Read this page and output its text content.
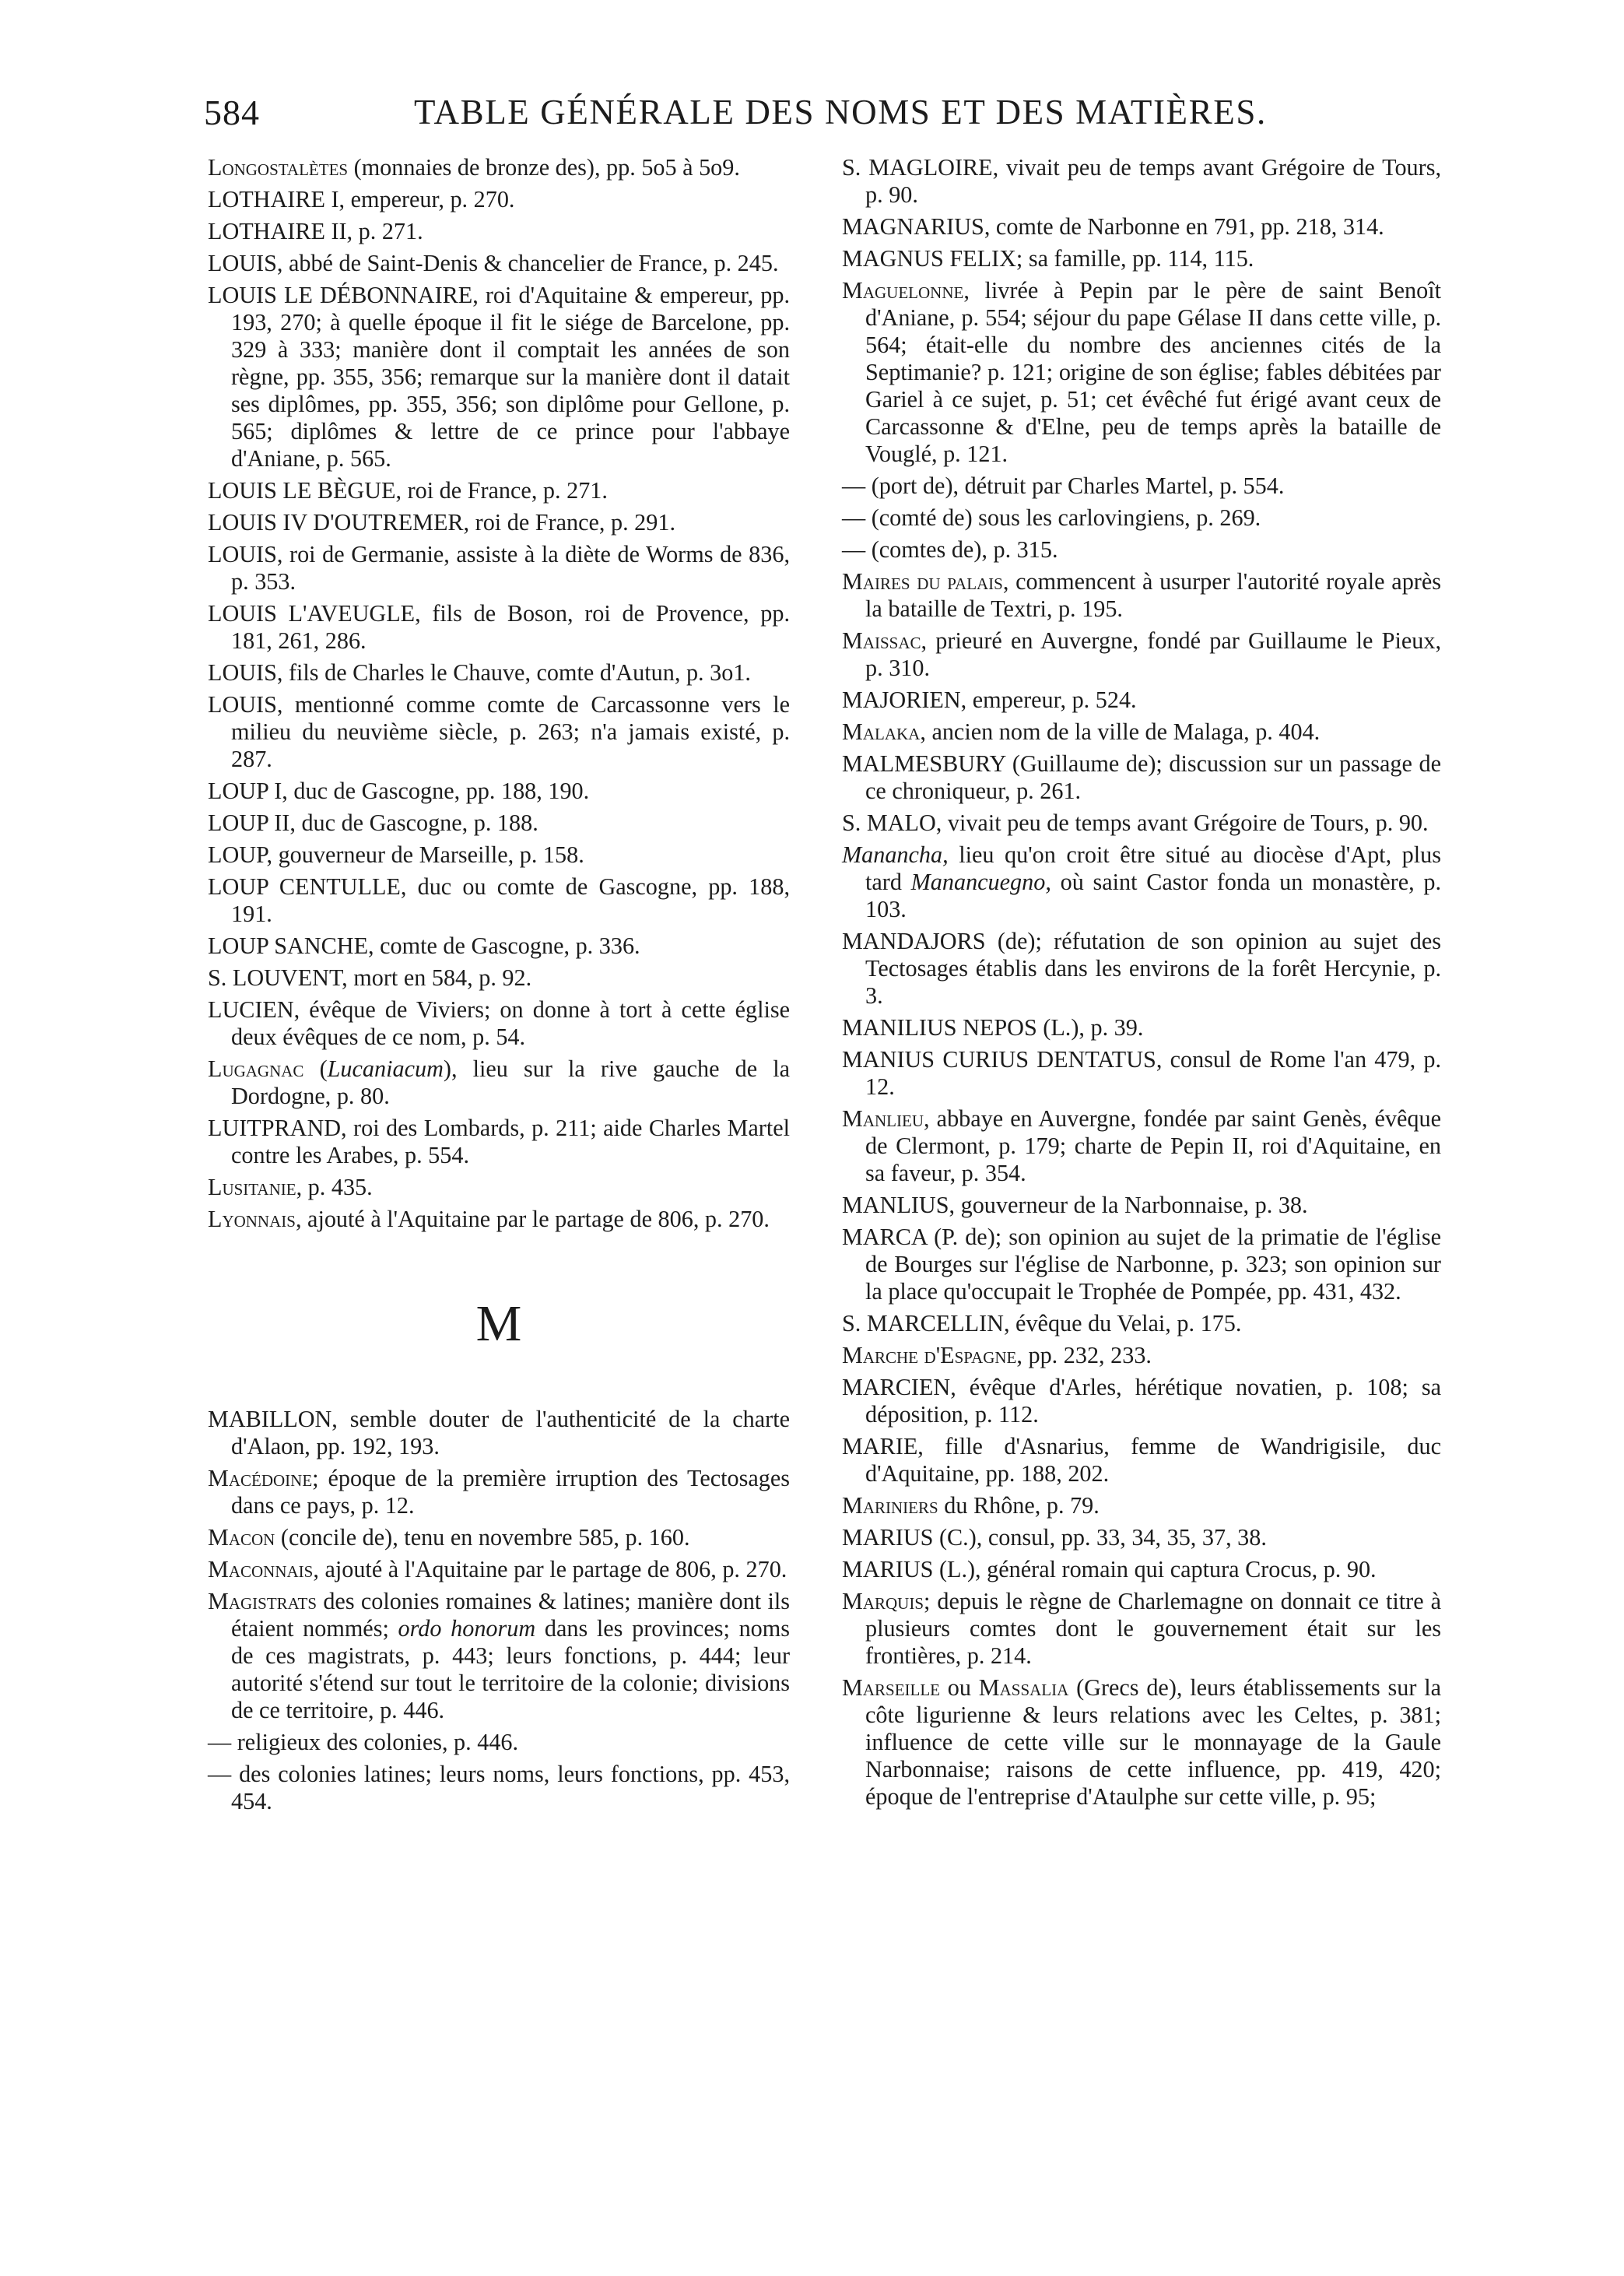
584	TABLE GÉNÉRALE DES NOMS ET DES MATIÈRES.

Longostalètes (monnaies de bronze des), pp. 5o5 à 5o9.

LOTHAIRE I, empereur, p. 270.

LOTHAIRE II, p. 271.

LOUIS, abbé de Saint-Denis & chancelier de France, p. 245.

LOUIS LE DÉBONNAIRE, roi d'Aquitaine & empereur, pp. 193, 270; à quelle époque il fit le siége de Barcelone, pp. 329 à 333; manière dont il comptait les années de son règne, pp. 355, 356; remarque sur la manière dont il datait ses diplômes, pp. 355, 356; son diplôme pour Gellone, p. 565; diplômes & lettre de ce prince pour l'abbaye d'Aniane, p. 565.

LOUIS LE BÈGUE, roi de France, p. 271.

LOUIS IV D'OUTREMER, roi de France, p. 291.

LOUIS, roi de Germanie, assiste à la diète de Worms de 836, p. 353.

LOUIS L'AVEUGLE, fils de Boson, roi de Provence, pp. 181, 261, 286.

LOUIS, fils de Charles le Chauve, comte d'Autun, p. 3o1.

LOUIS, mentionné comme comte de Carcassonne vers le milieu du neuvième siècle, p. 263; n'a jamais existé, p. 287.

LOUP I, duc de Gascogne, pp. 188, 190.

LOUP II, duc de Gascogne, p. 188.

LOUP, gouverneur de Marseille, p. 158.

LOUP CENTULLE, duc ou comte de Gascogne, pp. 188, 191.

LOUP SANCHE, comte de Gascogne, p. 336.

S. LOUVENT, mort en 584, p. 92.

LUCIEN, évêque de Viviers; on donne à tort à cette église deux évêques de ce nom, p. 54.

Lugagnac (Lucaniacum), lieu sur la rive gauche de la Dordogne, p. 80.

LUITPRAND, roi des Lombards, p. 211; aide Charles Martel contre les Arabes, p. 554.

Lusitanie, p. 435.

Lyonnais, ajouté à l'Aquitaine par le partage de 806, p. 270.

M

MABILLON, semble douter de l'authenticité de la charte d'Alaon, pp. 192, 193.

Macédoine; époque de la première irruption des Tectosages dans ce pays, p. 12.

Macon (concile de), tenu en novembre 585, p. 160.

Maconnais, ajouté à l'Aquitaine par le partage de 806, p. 270.

Magistrats des colonies romaines & latines; manière dont ils étaient nommés; ordo honorum dans les provinces; noms de ces magistrats, p. 443; leurs fonctions, p. 444; leur autorité s'étend sur tout le territoire de la colonie; divisions de ce territoire, p. 446.

— religieux des colonies, p. 446.

— des colonies latines; leurs noms, leurs fonctions, pp. 453, 454.

S. MAGLOIRE, vivait peu de temps avant Grégoire de Tours, p. 90.

MAGNARIUS, comte de Narbonne en 791, pp. 218, 314.

MAGNUS FELIX; sa famille, pp. 114, 115.

Maguelonne, livrée à Pepin par le père de saint Benoît d'Aniane, p. 554; séjour du pape Gélase II dans cette ville, p. 564; était-elle du nombre des anciennes cités de la Septimanie? p. 121; origine de son église; fables débitées par Gariel à ce sujet, p. 51; cet évêché fut érigé avant ceux de Carcassonne & d'Elne, peu de temps après la bataille de Vouglé, p. 121.

— (port de), détruit par Charles Martel, p. 554.

— (comté de) sous les carlovingiens, p. 269.

— (comtes de), p. 315.

Maires du palais, commencent à usurper l'autorité royale après la bataille de Textri, p. 195.

Maissac, prieuré en Auvergne, fondé par Guillaume le Pieux, p. 310.

MAJORIEN, empereur, p. 524.

Malaka, ancien nom de la ville de Malaga, p. 404.

MALMESBURY (Guillaume de); discussion sur un passage de ce chroniqueur, p. 261.

S. MALO, vivait peu de temps avant Grégoire de Tours, p. 90.

Manancha, lieu qu'on croit être situé au diocèse d'Apt, plus tard Manancuegno, où saint Castor fonda un monastère, p. 103.

MANDAJORS (de); réfutation de son opinion au sujet des Tectosages établis dans les environs de la forêt Hercynie, p. 3.

MANILIUS NEPOS (L.), p. 39.

MANIUS CURIUS DENTATUS, consul de Rome l'an 479, p. 12.

Manlieu, abbaye en Auvergne, fondée par saint Genès, évêque de Clermont, p. 179; charte de Pepin II, roi d'Aquitaine, en sa faveur, p. 354.

MANLIUS, gouverneur de la Narbonnaise, p. 38.

MARCA (P. de); son opinion au sujet de la primatie de l'église de Bourges sur l'église de Narbonne, p. 323; son opinion sur la place qu'occupait le Trophée de Pompée, pp. 431, 432.

S. MARCELLIN, évêque du Velai, p. 175.

Marche d'Espagne, pp. 232, 233.

MARCIEN, évêque d'Arles, hérétique novatien, p. 108; sa déposition, p. 112.

MARIE, fille d'Asnarius, femme de Wandrigisile, duc d'Aquitaine, pp. 188, 202.

Mariniers du Rhône, p. 79.

MARIUS (C.), consul, pp. 33, 34, 35, 37, 38.

MARIUS (L.), général romain qui captura Crocus, p. 90.

Marquis; depuis le règne de Charlemagne on donnait ce titre à plusieurs comtes dont le gouvernement était sur les frontières, p. 214.

Marseille ou Massalia (Grecs de), leurs établissements sur la côte ligurienne & leurs relations avec les Celtes, p. 381; influence de cette ville sur le monnayage de la Gaule Narbonnaise; raisons de cette influence, pp. 419, 420; époque de l'entreprise d'Ataulphe sur cette ville, p. 95;
